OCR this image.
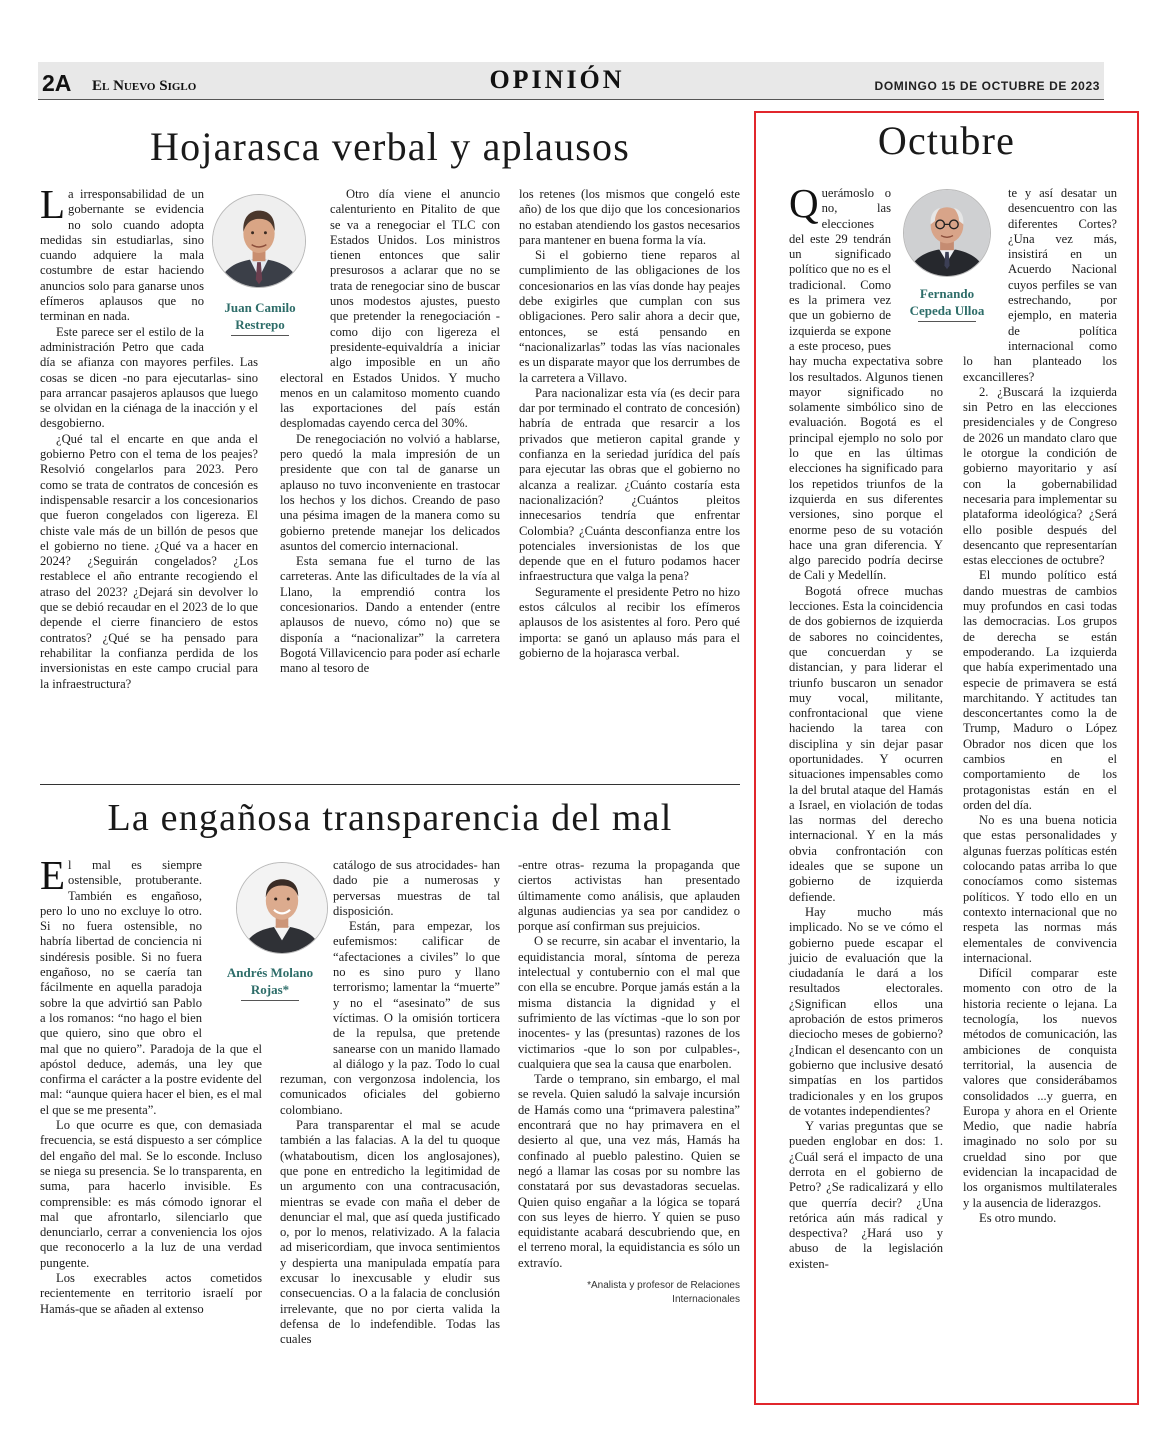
2A El Nuevo Siglo	OPINIÓN	DOMINGO 15 DE OCTUBRE DE 2023
Hojarasca verbal y aplausos
Juan Camilo
Restrepo

La irresponsabilidad de un gobernante se evidencia no solo cuando adopta medidas sin estudiarlas, sino cuando adquiere la mala costumbre de estar haciendo anuncios solo para ganarse unos efímeros aplausos que no terminan en nada.

Este parece ser el estilo de la administración Petro que cada día se afianza con mayores perfiles. Las cosas se dicen -no para ejecutarlas- sino para arrancar pasajeros aplausos que luego se olvidan en la ciénaga de la inacción y el desgobierno.

¿Qué tal el encarte en que anda el gobierno Petro con el tema de los peajes? Resolvió congelarlos para 2023. Pero como se trata de contratos de concesión es indispensable resarcir a los concesionarios que fueron congelados con ligereza. El chiste vale más de un billón de pesos que el gobierno no tiene. ¿Qué va a hacer en 2024? ¿Seguirán congelados? ¿Los restablece el año entrante recogiendo el atraso del 2023? ¿Dejará sin devolver lo que se debió recaudar en el 2023 de lo que depende el cierre financiero de estos contratos? ¿Qué se ha pensado para rehabilitar la confianza perdida de los inversionistas en este campo crucial para la infraestructura?

Otro día viene el anuncio calenturiento en Pitalito de que se va a renegociar el TLC con Estados Unidos. Los ministros tienen entonces que salir presurosos a aclarar que no se trata de renegociar sino de buscar unos modestos ajustes, puesto que pretender la renegociación -como dijo con ligereza el presidente-equivaldría a iniciar algo imposible en un año electoral en Estados Unidos. Y mucho menos en un calamitoso momento cuando las exportaciones del país están desplomadas cayendo cerca del 30%.

De renegociación no volvió a hablarse, pero quedó la mala impresión de un presidente que con tal de ganarse un aplauso no tuvo inconveniente en trastocar los hechos y los dichos. Creando de paso una pésima imagen de la manera como su gobierno pretende manejar los delicados asuntos del comercio internacional.

Esta semana fue el turno de las carreteras. Ante las dificultades de la vía al Llano, la emprendió contra los concesionarios. Dando a entender (entre aplausos de nuevo, cómo no) que se disponía a “nacionalizar” la carretera Bogotá Villavicencio para poder así echarle mano al tesoro de

los retenes (los mismos que congeló este año) de los que dijo que los concesionarios no estaban atendiendo los gastos necesarios para mantener en buena forma la vía.

Si el gobierno tiene reparos al cumplimiento de las obligaciones de los concesionarios en las vías donde hay peajes debe exigirles que cumplan con sus obligaciones. Pero salir ahora a decir que, entonces, se está pensando en “nacionalizarlas” todas las vías nacionales es un disparate mayor que los derrumbes de la carretera a Villavo.

Para nacionalizar esta vía (es decir para dar por terminado el contrato de concesión) habría de entrada que resarcir a los privados que metieron capital grande y confianza en la seriedad jurídica del país para ejecutar las obras que el gobierno no alcanza a realizar. ¿Cuánto costaría esta nacionalización? ¿Cuántos pleitos innecesarios tendría que enfrentar Colombia? ¿Cuánta desconfianza entre los potenciales inversionistas de los que depende que en el futuro podamos hacer infraestructura que valga la pena?

Seguramente el presidente Petro no hizo estos cálculos al recibir los efímeros aplausos de los asistentes al foro. Pero qué importa: se ganó un aplauso más para el gobierno de la hojarasca verbal.

La engañosa transparencia del mal
Andrés Molano
Rojas*

El mal es siempre ostensible, protuberante. También es engañoso, pero lo uno no excluye lo otro. Si no fuera ostensible, no habría libertad de conciencia ni sindéresis posible. Si no fuera engañoso, no se caería tan fácilmente en aquella paradoja sobre la que advirtió san Pablo a los romanos: “no hago el bien que quiero, sino que obro el mal que no quiero”. Paradoja de la que el apóstol deduce, además, una ley que confirma el carácter a la postre evidente del mal: “aunque quiera hacer el bien, es el mal el que se me presenta”.

Lo que ocurre es que, con demasiada frecuencia, se está dispuesto a ser cómplice del engaño del mal. Se lo esconde. Incluso se niega su presencia. Se lo transparenta, en suma, para hacerlo invisible. Es comprensible: es más cómodo ignorar el mal que afrontarlo, silenciarlo que denunciarlo, cerrar a conveniencia los ojos que reconocerlo a la luz de una verdad pungente.

Los execrables actos cometidos recientemente en territorio israelí por Hamás-que se añaden al extenso

catálogo de sus atrocidades- han dado pie a numerosas y perversas muestras de tal disposición.

Están, para empezar, los eufemismos: calificar de “afectaciones a civiles” lo que no es sino puro y llano terrorismo; lamentar la “muerte” y no el “asesinato” de sus víctimas. O la omisión torticera de la repulsa, que pretende sanearse con un manido llamado al diálogo y la paz. Todo lo cual rezuman, con vergonzosa indolencia, los comunicados oficiales del gobierno colombiano.

Para transparentar el mal se acude también a las falacias. A la del tu quoque (whataboutism, dicen los anglosajones), que pone en entredicho la legitimidad de un argumento con una contracusación, mientras se evade con maña el deber de denunciar el mal, que así queda justificado o, por lo menos, relativizado. A la falacia ad misericordiam, que invoca sentimientos y despierta una manipulada empatía para excusar lo inexcusable y eludir sus consecuencias. O a la falacia de conclusión irrelevante, que no por cierta valida la defensa de lo indefendible. Todas las cuales

-entre otras- rezuma la propaganda que ciertos activistas han presentado últimamente como análisis, que aplauden algunas audiencias ya sea por candidez o porque así confirman sus prejuicios.

O se recurre, sin acabar el inventario, la equidistancia moral, síntoma de pereza intelectual y contubernio con el mal que con ella se encubre. Porque jamás están a la misma distancia la dignidad y el sufrimiento de las víctimas -que lo son por inocentes- y las (presuntas) razones de los victimarios -que lo son por culpables-, cualquiera que sea la causa que enarbolen.

Tarde o temprano, sin embargo, el mal se revela. Quien saludó la salvaje incursión de Hamás como una “primavera palestina” encontrará que no hay primavera en el desierto al que, una vez más, Hamás ha confinado al pueblo palestino. Quien se negó a llamar las cosas por su nombre las constatará por sus devastadoras secuelas. Quien quiso engañar a la lógica se topará con sus leyes de hierro. Y quien se puso equidistante acabará descubriendo que, en el terreno moral, la equidistancia es sólo un extravío.

*Analista y profesor de Relaciones
Internacionales
Octubre
Fernando
Cepeda Ulloa

Querámoslo o no, las elecciones del este 29 tendrán un significado político que no es el tradicional. Como es la primera vez que un gobierno de izquierda se expone a este proceso, pues hay mucha expectativa sobre los resultados. Algunos tienen mayor significado no solamente simbólico sino de evaluación. Bogotá es el principal ejemplo no solo por lo que en las últimas elecciones ha significado para los repetidos triunfos de la izquierda en sus diferentes versiones, sino porque el enorme peso de su votación hace una gran diferencia. Y algo parecido podría decirse de Cali y Medellín.

Bogotá ofrece muchas lecciones. Esta la coincidencia de dos gobiernos de izquierda de sabores no coincidentes, que concuerdan y se distancian, y para liderar el triunfo buscaron un senador muy vocal, militante, confrontacional que viene haciendo la tarea con disciplina y sin dejar pasar oportunidades. Y ocurren situaciones impensables como la del brutal ataque del Hamás a Israel, en violación de todas las normas del derecho internacional. Y en la más obvia confrontación con ideales que se supone un gobierno de izquierda defiende.

Hay mucho más implicado. No se ve cómo el gobierno puede escapar el juicio de evaluación que la ciudadanía le dará a los resultados electorales. ¿Significan ellos una aprobación de estos primeros dieciocho meses de gobierno? ¿Indican el desencanto con un gobierno que inclusive desató simpatías en los partidos tradicionales y en los grupos de votantes independientes?

Y varias preguntas que se pueden englobar en dos: 1. ¿Cuál será el impacto de una derrota en el gobierno de Petro? ¿Se radicalizará y ello que querría decir? ¿Una retórica aún más radical y despectiva? ¿Hará uso y abuso de la legislación existen-

te y así desatar un desencuentro con las diferentes Cortes? ¿Una vez más, insistirá en un Acuerdo Nacional cuyos perfiles se van estrechando, por ejemplo, en materia de política internacional como lo han planteado los excancilleres?

2. ¿Buscará la izquierda sin Petro en las elecciones presidenciales y de Congreso de 2026 un mandato claro que le otorgue la condición de gobierno mayoritario y así con la gobernabilidad necesaria para implementar su plataforma ideológica? ¿Será ello posible después del desencanto que representarían estas elecciones de octubre?

El mundo político está dando muestras de cambios muy profundos en casi todas las democracias. Los grupos de derecha se están empoderando. La izquierda que había experimentado una especie de primavera se está marchitando. Y actitudes tan desconcertantes como la de Trump, Maduro o López Obrador nos dicen que los cambios en el comportamiento de los protagonistas están en el orden del día.

No es una buena noticia que estas personalidades y algunas fuerzas políticas estén colocando patas arriba lo que conocíamos como sistemas políticos. Y todo ello en un contexto internacional que no respeta las normas más elementales de convivencia internacional.

Difícil comparar este momento con otro de la historia reciente o lejana. La tecnología, los nuevos métodos de comunicación, las ambiciones de conquista territorial, la ausencia de valores que considerábamos consolidados ...y guerra, en Europa y ahora en el Oriente Medio, que nadie habría imaginado no solo por su crueldad sino por que evidencian la incapacidad de los organismos multilaterales y la ausencia de liderazgos.

Es otro mundo.
